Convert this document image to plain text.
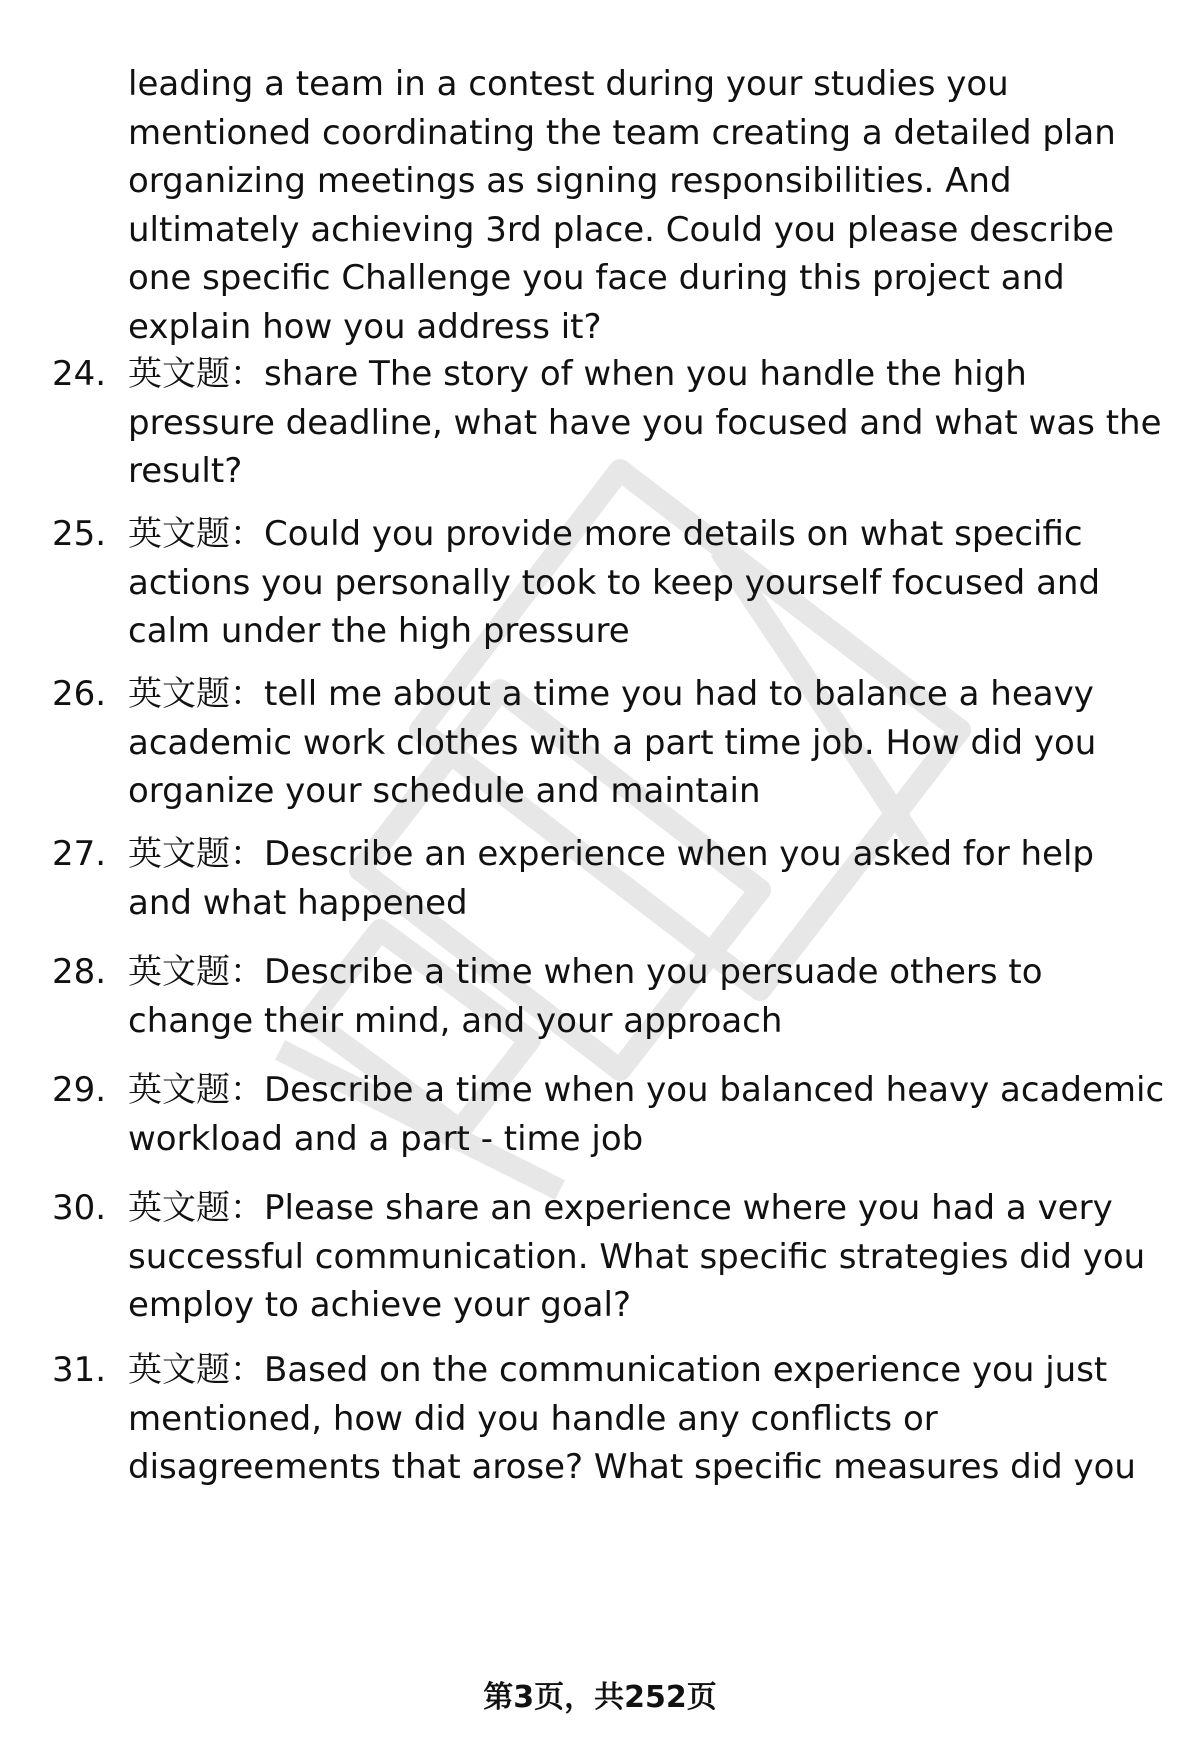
leading a team in a contest during your studies you mentioned coordinating the team creating a detailed plan organizing meetings as signing responsibilities. And ultimately achieving 3rd place. Could you please describe one specific Challenge you face during this project and explain how you address it?

24. 英文题：share The story of when you handle the high pressure deadline, what have you focused and what was the result?

25. 英文题：Could you provide more details on what specific actions you personally took to keep yourself focused and calm under the high pressure

26. 英文题：tell me about a time you had to balance a heavy academic work clothes with a part time job. How did you organize your schedule and maintain

27. 英文题：Describe an experience when you asked for help and what happened

28. 英文题：Describe a time when you persuade others to change their mind, and your approach

29. 英文题：Describe a time when you balanced heavy academic workload and a part - time job

30. 英文题：Please share an experience where you had a very successful communication. What specific strategies did you employ to achieve your goal?

31. 英文题：Based on the communication experience you just mentioned, how did you handle any conflicts or disagreements that arose? What specific measures did you

第3页，共252页
